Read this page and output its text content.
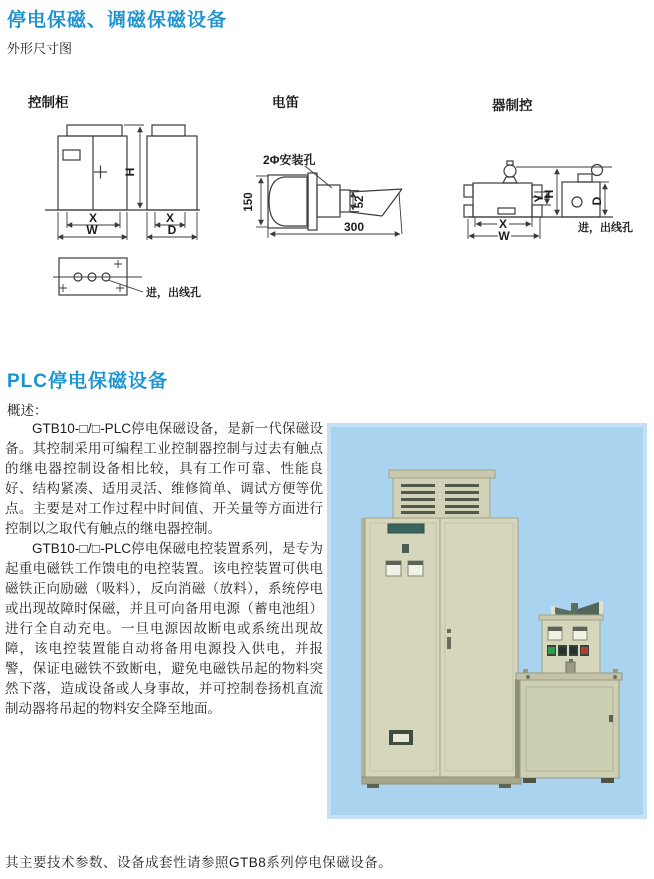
停电保磁、调磁保磁设备
外形尺寸图
控制柜
H
X
W
X
D
进，出线孔
电笛
2Φ安装孔
52
150
300
器制控
X
W
Y
H
D
进，出线孔
PLC停电保磁设备
概述：

GTB10-□/□-PLC停电保磁设备，是新一代保磁设备。其控制采用可编程工业控制器控制与过去有触点的继电器控制设备相比较，具有工作可靠、性能良好、结构紧凑、适用灵活、维修简单、调试方便等优点。主要是对工作过程中时间值、开关量等方面进行控制以之取代有触点的继电器控制。

GTB10-□/□-PLC停电保磁电控装置系列，是专为起重电磁铁工作馈电的电控装置。该电控装置可供电磁铁正向励磁（吸料），反向消磁（放料），系统停电或出现故障时保磁，并且可向备用电源（蓄电池组）进行全自动充电。一旦电源因故断电或系统出现故障，该电控装置能自动将备用电源投入供电，并报警，保证电磁铁不致断电，避免电磁铁吊起的物料突然下落，造成设备或人身事故，并可控制卷扬机直流制动器将吊起的物料安全降至地面。

其主要技术参数、设备成套性请参照GTB8系列停电保磁设备。
